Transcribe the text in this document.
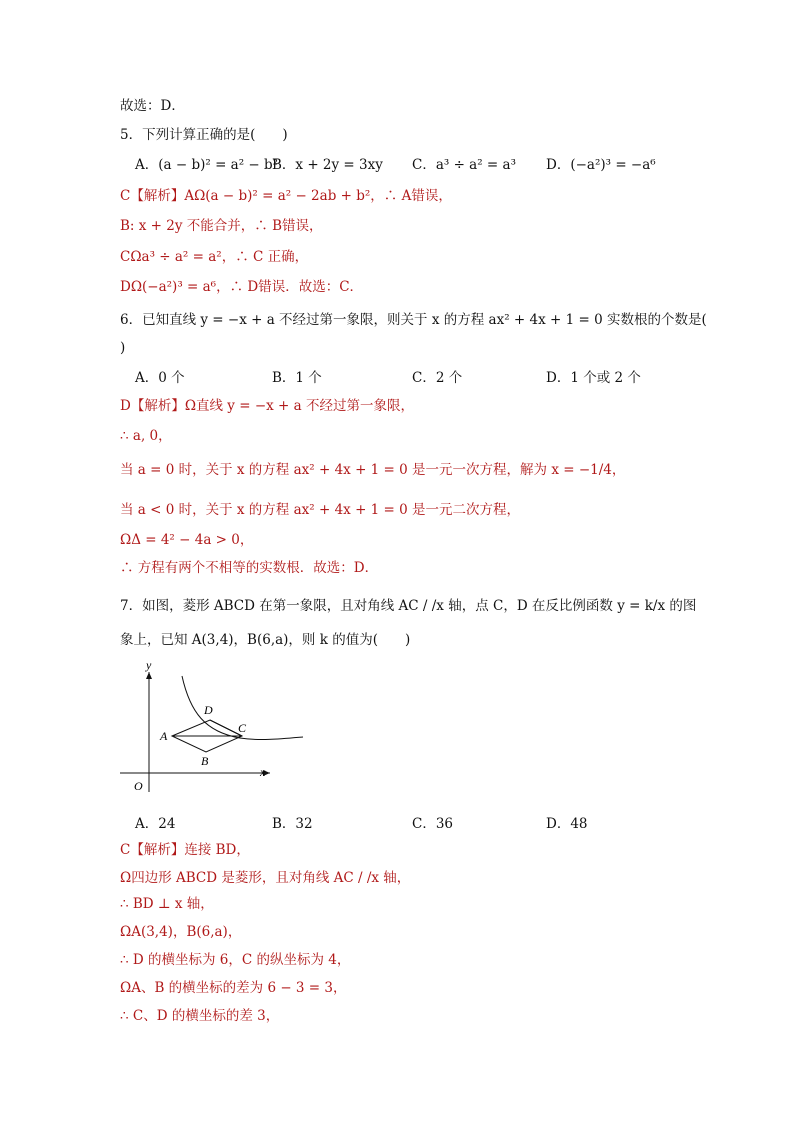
故选：D．
5．下列计算正确的是(　　)
C【解析】AΩ(a − b)² = a² − 2ab + b²，∴ A错误，
B: x + 2y 不能合并，∴ B错误，
CΩa³ ÷ a² = a²，∴ C 正确，
DΩ(−a²)³ = a⁶，∴ D错误．故选：C．
6．已知直线 y = −x + a 不经过第一象限，则关于 x 的方程 ax² + 4x + 1 = 0 实数根的个数是(
)
D【解析】Ω直线 y = −x + a 不经过第一象限，
∴ a‚ 0，
当 a = 0 时，关于 x 的方程 ax² + 4x + 1 = 0 是一元一次方程，解为 x = −1/4，
当 a < 0 时，关于 x 的方程 ax² + 4x + 1 = 0 是一元二次方程，
ΩΔ = 4² − 4a > 0，
∴ 方程有两个不相等的实数根．故选：D．
7．如图，菱形 ABCD 在第一象限，且对角线 AC / /x 轴，点 C，D 在反比例函数 y = k/x 的图
象上，已知 A(3,4)，B(6,a)，则 k 的值为(　　)
C【解析】连接 BD，
Ω四边形 ABCD 是菱形，且对角线 AC / /x 轴，
∴ BD ⊥ x 轴，
ΩA(3,4)，B(6,a)，
∴ D 的横坐标为 6，C 的纵坐标为 4，
ΩA、B 的横坐标的差为 6 − 3 = 3，
∴ C、D 的横坐标的差 3，
A．(a − b)² = a² − b²
B．x + 2y = 3xy C．a³ ÷ a² = a³ D．(−a²)³ = −a⁶
A．0 个	B．1 个	C．2 个	D．1 个或 2 个
A．24	B．32	C．36	D．48
y
x
O
A
B
C
D
